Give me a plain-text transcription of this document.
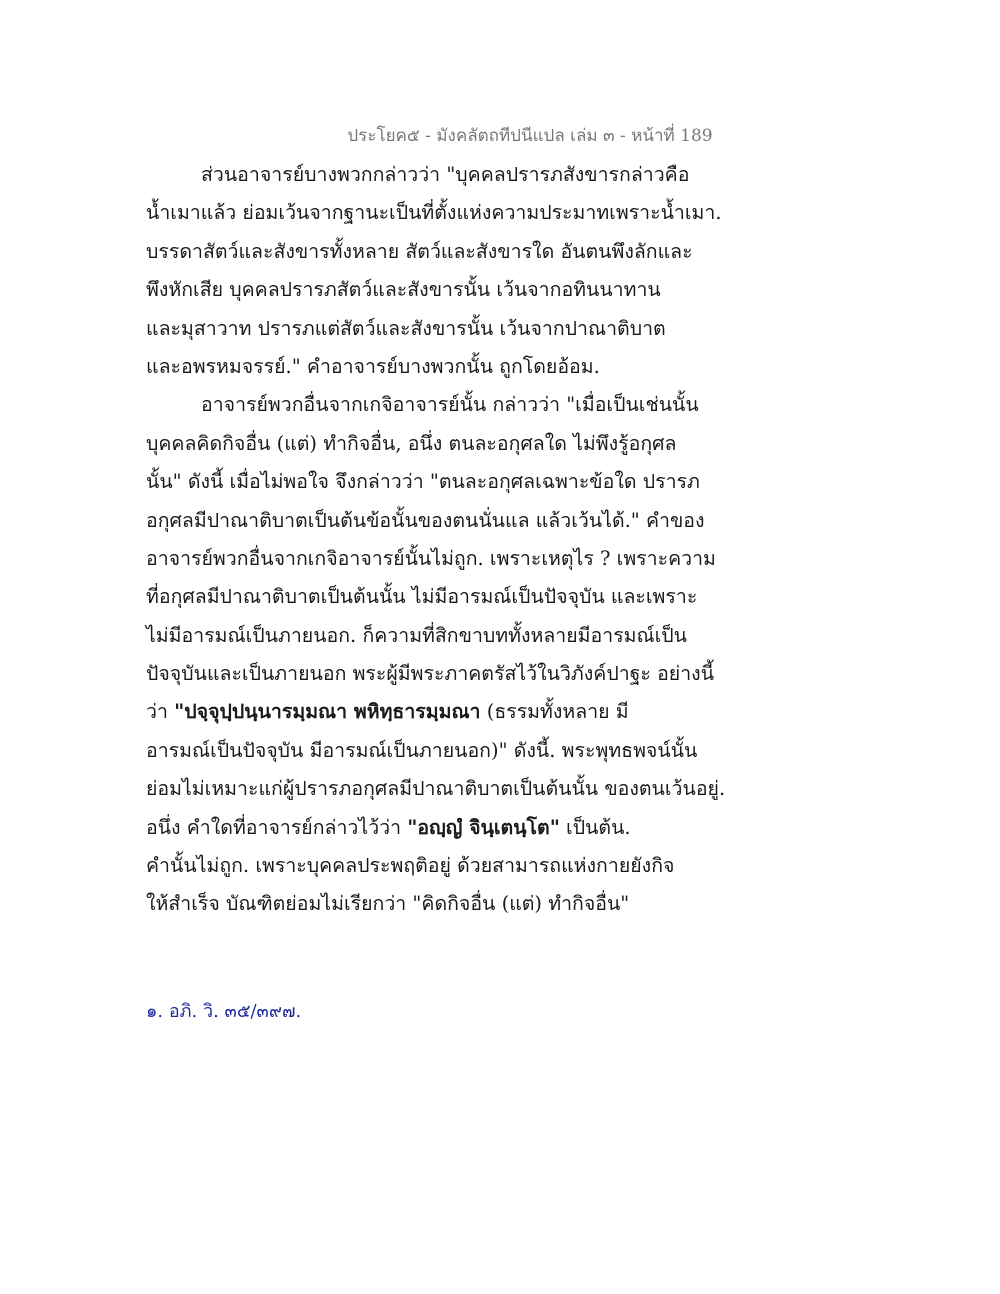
ประโยค๕ - มังคลัตถทีปนีแปล เล่ม ๓ - หน้าที่ 189
ส่วนอาจารย์บางพวกกล่าวว่า "บุคคลปรารภสังขารกล่าวคือ
น้ำเมาแล้ว ย่อมเว้นจากฐานะเป็นที่ตั้งแห่งความประมาทเพราะน้ำเมา.
บรรดาสัตว์และสังขารทั้งหลาย สัตว์และสังขารใด อันตนพึงลักและ
พึงหักเสีย บุคคลปรารภสัตว์และสังขารนั้น เว้นจากอทินนาทาน
และมุสาวาท ปรารภแต่สัตว์และสังขารนั้น เว้นจากปาณาติบาต
และอพรหมจรรย์." คำอาจารย์บางพวกนั้น ถูกโดยอ้อม.
อาจารย์พวกอื่นจากเกจิอาจารย์นั้น กล่าวว่า "เมื่อเป็นเช่นนั้น
บุคคลคิดกิจอื่น (แต่) ทำกิจอื่น, อนึ่ง ตนละอกุศลใด ไม่พึงรู้อกุศล
นั้น" ดังนี้ เมื่อไม่พอใจ จึงกล่าวว่า "ตนละอกุศลเฉพาะข้อใด ปรารภ
อกุศลมีปาณาติบาตเป็นต้นข้อนั้นของตนนั่นแล แล้วเว้นได้." คำของ
อาจารย์พวกอื่นจากเกจิอาจารย์นั้นไม่ถูก. เพราะเหตุไร ? เพราะความ
ที่อกุศลมีปาณาติบาตเป็นต้นนั้น ไม่มีอารมณ์เป็นปัจจุบัน และเพราะ
ไม่มีอารมณ์เป็นภายนอก. ก็ความที่สิกขาบททั้งหลายมีอารมณ์เป็น
ปัจจุบันและเป็นภายนอก พระผู้มีพระภาคตรัสไว้ในวิภังค์ปาฐะ อย่างนี้
ว่า "ปจฺจุปฺปนฺนารมฺมณา พหิทฺธารมฺมณา (ธรรมทั้งหลาย มี
อารมณ์เป็นปัจจุบัน มีอารมณ์เป็นภายนอก)" ดังนี้. พระพุทธพจน์นั้น
ย่อมไม่เหมาะแก่ผู้ปรารภอกุศลมีปาณาติบาตเป็นต้นนั้น ของตนเว้นอยู่.
อนึ่ง คำใดที่อาจารย์กล่าวไว้ว่า "อญฺญํ จินฺเตนฺโต" เป็นต้น.
คำนั้นไม่ถูก. เพราะบุคคลประพฤติอยู่ ด้วยสามารถแห่งกายยังกิจ
ให้สำเร็จ บัณฑิตย่อมไม่เรียกว่า "คิดกิจอื่น (แต่) ทำกิจอื่น"
๑. อภิ. วิ. ๓๕/๓๙๗.
